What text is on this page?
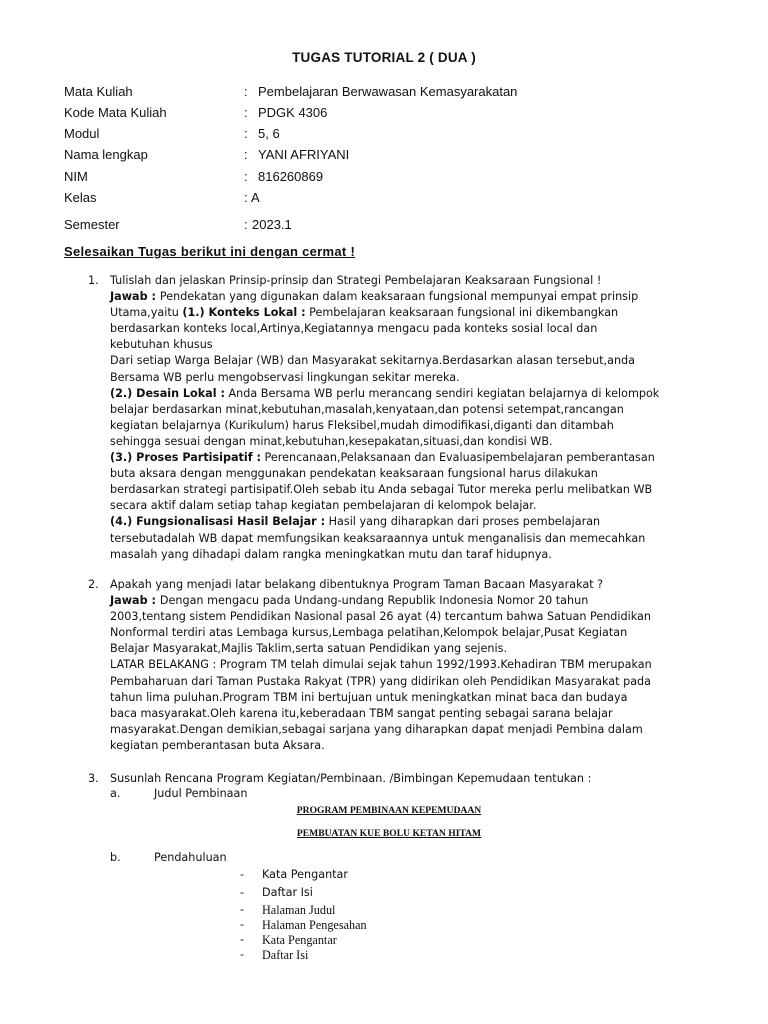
TUGAS TUTORIAL 2 ( DUA )
Mata Kuliah	: Pembelajaran Berwawasan Kemasyarakatan
Kode Mata Kuliah	: PDGK 4306
Modul	: 5, 6
Nama lengkap	: YANI AFRIYANI
NIM	: 816260869
Kelas	: A
Semester	: 2023.1
Selesaikan Tugas berikut ini dengan cermat !
1. Tulislah dan jelaskan Prinsip-prinsip dan Strategi Pembelajaran Keaksaraan Fungsional !
Jawab : Pendekatan yang digunakan dalam keaksaraan fungsional mempunyai empat prinsip
Utama,yaitu (1.) Konteks Lokal : Pembelajaran keaksaraan fungsional ini dikembangkan
berdasarkan konteks local,Artinya,Kegiatannya mengacu pada konteks sosial local dan
kebutuhan khusus
Dari setiap Warga Belajar (WB) dan Masyarakat sekitarnya.Berdasarkan alasan tersebut,anda
Bersama WB perlu mengobservasi lingkungan sekitar mereka.
(2.) Desain Lokal : Anda Bersama WB perlu merancang sendiri kegiatan belajarnya di kelompok
belajar berdasarkan minat,kebutuhan,masalah,kenyataan,dan potensi setempat,rancangan
kegiatan belajarnya (Kurikulum) harus Fleksibel,mudah dimodifikasi,diganti dan ditambah
sehingga sesuai dengan minat,kebutuhan,kesepakatan,situasi,dan kondisi WB.
(3.) Proses Partisipatif : Perencanaan,Pelaksanaan dan Evaluasipembelajaran pemberantasan
buta aksara dengan menggunakan pendekatan keaksaraan fungsional harus dilakukan
berdasarkan strategi partisipatif.Oleh sebab itu Anda sebagai Tutor mereka perlu melibatkan WB
secara aktif dalam setiap tahap kegiatan pembelajaran di kelompok belajar.
(4.) Fungsionalisasi Hasil Belajar : Hasil yang diharapkan dari proses pembelajaran
tersebutadalah WB dapat memfungsikan keaksaraannya untuk menganalisis dan memecahkan
masalah yang dihadapi dalam rangka meningkatkan mutu dan taraf hidupnya.
2. Apakah yang menjadi latar belakang dibentuknya Program Taman Bacaan Masyarakat ?
Jawab : Dengan mengacu pada Undang-undang Republik Indonesia Nomor 20 tahun
2003,tentang sistem Pendidikan Nasional pasal 26 ayat (4) tercantum bahwa Satuan Pendidikan
Nonformal terdiri atas Lembaga kursus,Lembaga pelatihan,Kelompok belajar,Pusat Kegiatan
Belajar Masyarakat,Majlis Taklim,serta satuan Pendidikan yang sejenis.
LATAR BELAKANG : Program TM telah dimulai sejak tahun 1992/1993.Kehadiran TBM merupakan
Pembaharuan dari Taman Pustaka Rakyat (TPR) yang didirikan oleh Pendidikan Masyarakat pada
tahun lima puluhan.Program TBM ini bertujuan untuk meningkatkan minat baca dan budaya
baca masyarakat.Oleh karena itu,keberadaan TBM sangat penting sebagai sarana belajar
masyarakat.Dengan demikian,sebagai sarjana yang diharapkan dapat menjadi Pembina dalam
kegiatan pemberantasan buta Aksara.
3. Susunlah Rencana Program Kegiatan/Pembinaan. /Bimbingan Kepemudaan tentukan :
a.	Judul Pembinaan
PROGRAM PEMBINAAN KEPEMUDAAN
PEMBUATAN KUE BOLU KETAN HITAM
b.	Pendahuluan
- Kata Pengantar
- Daftar Isi
- Halaman Judul
- Halaman Pengesahan
- Kata Pengantar
- Daftar Isi
